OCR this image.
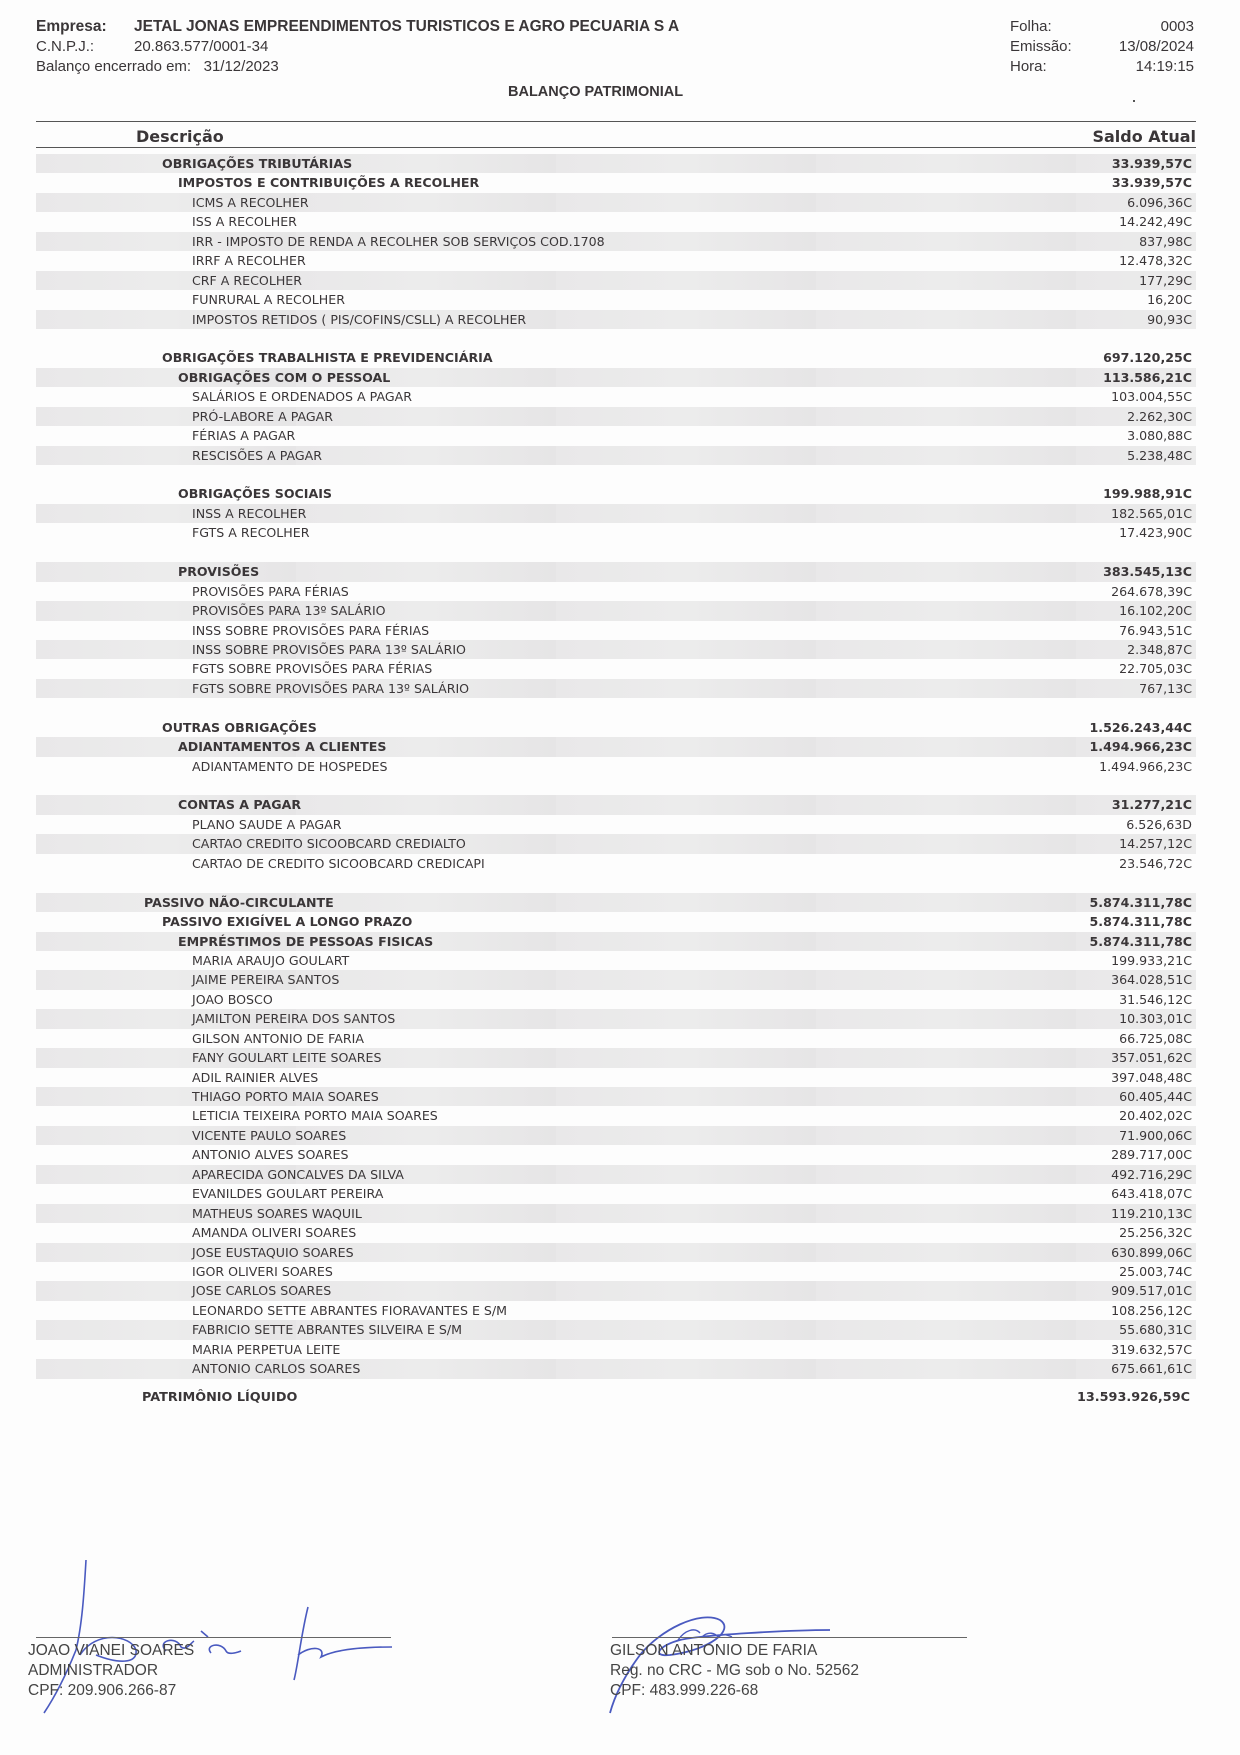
Empresa: JETAL JONAS EMPREENDIMENTOS TURISTICOS E AGRO PECUARIA S A
C.N.P.J.:	20.863.577/0001-34
Balanço encerrado em: 31/12/2023
Folha:	0003
Emissão:	13/08/2024
Hora:	14:19:15
BALANÇO PATRIMONIAL
Descrição	Saldo Atual
OBRIGAÇÕES TRIBUTÁRIAS	33.939,57C
IMPOSTOS E CONTRIBUIÇÕES A RECOLHER	33.939,57C
ICMS A RECOLHER	6.096,36C
ISS A RECOLHER	14.242,49C
IRR - IMPOSTO DE RENDA A RECOLHER SOB SERVIÇOS COD.1708	837,98C
IRRF A RECOLHER	12.478,32C
CRF A RECOLHER	177,29C
FUNRURAL A RECOLHER	16,20C
IMPOSTOS RETIDOS ( PIS/COFINS/CSLL) A RECOLHER	90,93C
OBRIGAÇÕES TRABALHISTA E PREVIDENCIÁRIA	697.120,25C
OBRIGAÇÕES COM O PESSOAL	113.586,21C
SALÁRIOS E ORDENADOS A PAGAR	103.004,55C
PRÓ-LABORE A PAGAR	2.262,30C
FÉRIAS A PAGAR	3.080,88C
RESCISÕES A PAGAR	5.238,48C
OBRIGAÇÕES SOCIAIS	199.988,91C
INSS A RECOLHER	182.565,01C
FGTS A RECOLHER	17.423,90C
PROVISÕES	383.545,13C
PROVISÕES PARA FÉRIAS	264.678,39C
PROVISÕES PARA 13º SALÁRIO	16.102,20C
INSS SOBRE PROVISÕES PARA FÉRIAS	76.943,51C
INSS SOBRE PROVISÕES PARA 13º SALÁRIO	2.348,87C
FGTS SOBRE PROVISÕES PARA FÉRIAS	22.705,03C
FGTS SOBRE PROVISÕES PARA 13º SALÁRIO	767,13C
OUTRAS OBRIGAÇÕES	1.526.243,44C
ADIANTAMENTOS A CLIENTES	1.494.966,23C
ADIANTAMENTO DE HOSPEDES	1.494.966,23C
CONTAS A PAGAR	31.277,21C
PLANO SAUDE A PAGAR	6.526,63D
CARTAO CREDITO SICOOBCARD CREDIALTO	14.257,12C
CARTAO DE CREDITO SICOOBCARD CREDICAPI	23.546,72C
PASSIVO NÃO-CIRCULANTE	5.874.311,78C
PASSIVO EXIGÍVEL A LONGO PRAZO	5.874.311,78C
EMPRÉSTIMOS DE PESSOAS FISICAS	5.874.311,78C
MARIA ARAUJO GOULART	199.933,21C
JAIME PEREIRA SANTOS	364.028,51C
JOAO BOSCO	31.546,12C
JAMILTON PEREIRA DOS SANTOS	10.303,01C
GILSON ANTONIO DE FARIA	66.725,08C
FANY GOULART LEITE SOARES	357.051,62C
ADIL RAINIER ALVES	397.048,48C
THIAGO PORTO MAIA SOARES	60.405,44C
LETICIA TEIXEIRA PORTO MAIA SOARES	20.402,02C
VICENTE PAULO SOARES	71.900,06C
ANTONIO ALVES SOARES	289.717,00C
APARECIDA GONCALVES DA SILVA	492.716,29C
EVANILDES GOULART PEREIRA	643.418,07C
MATHEUS SOARES WAQUIL	119.210,13C
AMANDA OLIVERI SOARES	25.256,32C
JOSE EUSTAQUIO SOARES	630.899,06C
IGOR OLIVERI SOARES	25.003,74C
JOSE CARLOS SOARES	909.517,01C
LEONARDO SETTE ABRANTES FIORAVANTES E S/M	108.256,12C
FABRICIO SETTE ABRANTES SILVEIRA E S/M	55.680,31C
MARIA PERPETUA LEITE	319.632,57C
ANTONIO CARLOS SOARES	675.661,61C
PATRIMÔNIO LÍQUIDO	13.593.926,59C
JOAO VIANEI SOARES
ADMINISTRADOR
CPF: 209.906.266-87
GILSON ANTONIO DE FARIA
Reg. no CRC - MG sob o No. 52562
CPF: 483.999.226-68
